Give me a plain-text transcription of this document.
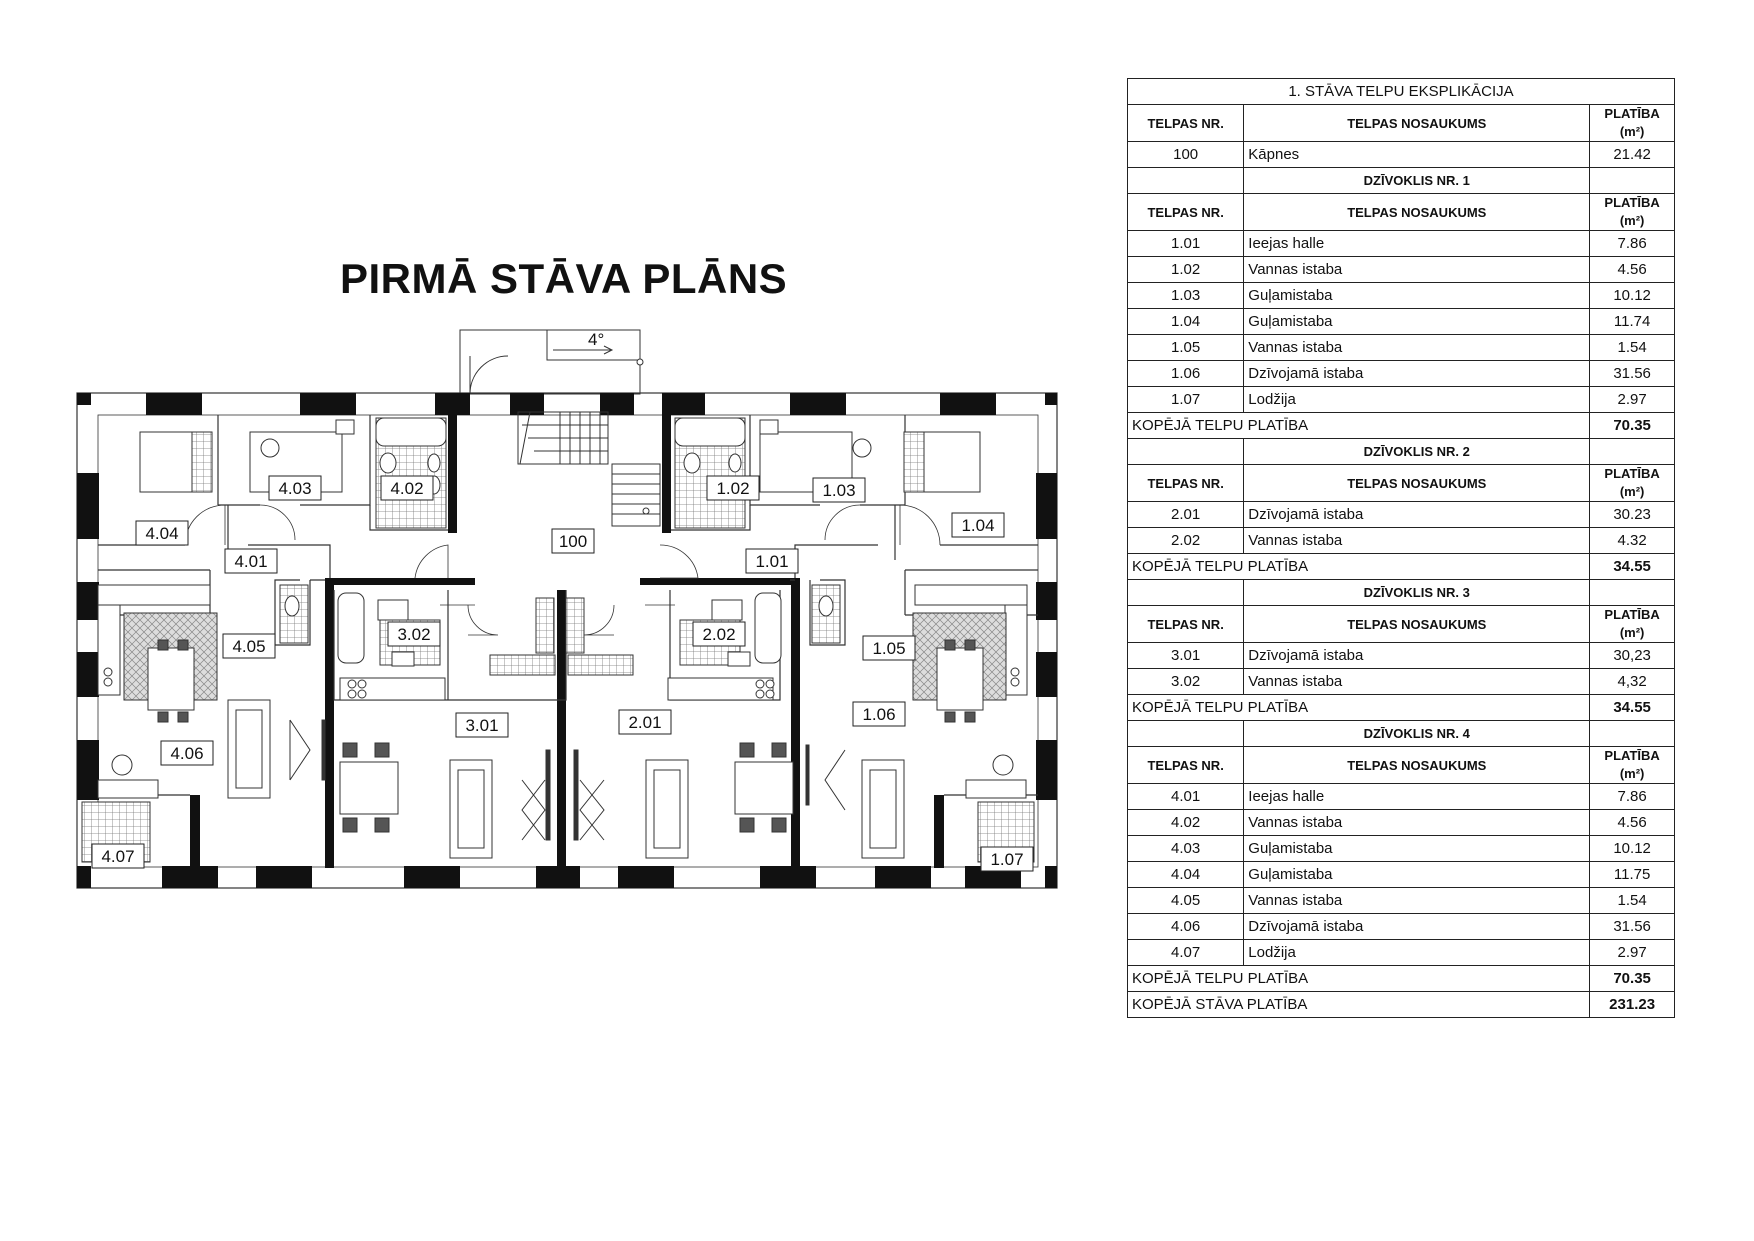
PIRMĀ STĀVA PLĀNS
4°
4.03	4.02
4.04
4.01
4.05
4.06
4.07
100
3.02
3.01	2.01
2.02
1.01
1.02	1.03
1.04
1.05
1.06
1.07
1. STĀVA TELPU EKSPLIKĀCIJA		
TELPAS NR.	TELPAS NOSAUKUMS	PLATĪBA
(m²)

100	Kāpnes	21.42
	DZĪVOKLIS NR. 1	
TELPAS NR.	TELPAS NOSAUKUMS	PLATĪBA
(m²)

1.01	Ieejas halle	7.86
1.02	Vannas istaba	4.56
1.03	Guļamistaba	10.12
1.04	Guļamistaba	11.74
1.05	Vannas istaba	1.54
1.06	Dzīvojamā istaba	31.56
1.07	Lodžija	2.97
KOPĒJĀ TELPU PLATĪBA		70.35
	DZĪVOKLIS NR. 2	
TELPAS NR.	TELPAS NOSAUKUMS	PLATĪBA
(m²)

2.01	Dzīvojamā istaba	30.23
2.02	Vannas istaba	4.32
KOPĒJĀ TELPU PLATĪBA		34.55
	DZĪVOKLIS NR. 3	
TELPAS NR.	TELPAS NOSAUKUMS	PLATĪBA
(m²)

3.01	Dzīvojamā istaba	30,23
3.02	Vannas istaba	4,32
KOPĒJĀ TELPU PLATĪBA		34.55
	DZĪVOKLIS NR. 4	
TELPAS NR.	TELPAS NOSAUKUMS	PLATĪBA
(m²)

4.01	Ieejas halle	7.86
4.02	Vannas istaba	4.56
4.03	Guļamistaba	10.12
4.04	Guļamistaba	11.75
4.05	Vannas istaba	1.54
4.06	Dzīvojamā istaba	31.56
4.07	Lodžija	2.97
KOPĒJĀ TELPU PLATĪBA		70.35
KOPĒJĀ STĀVA PLATĪBA		231.23
